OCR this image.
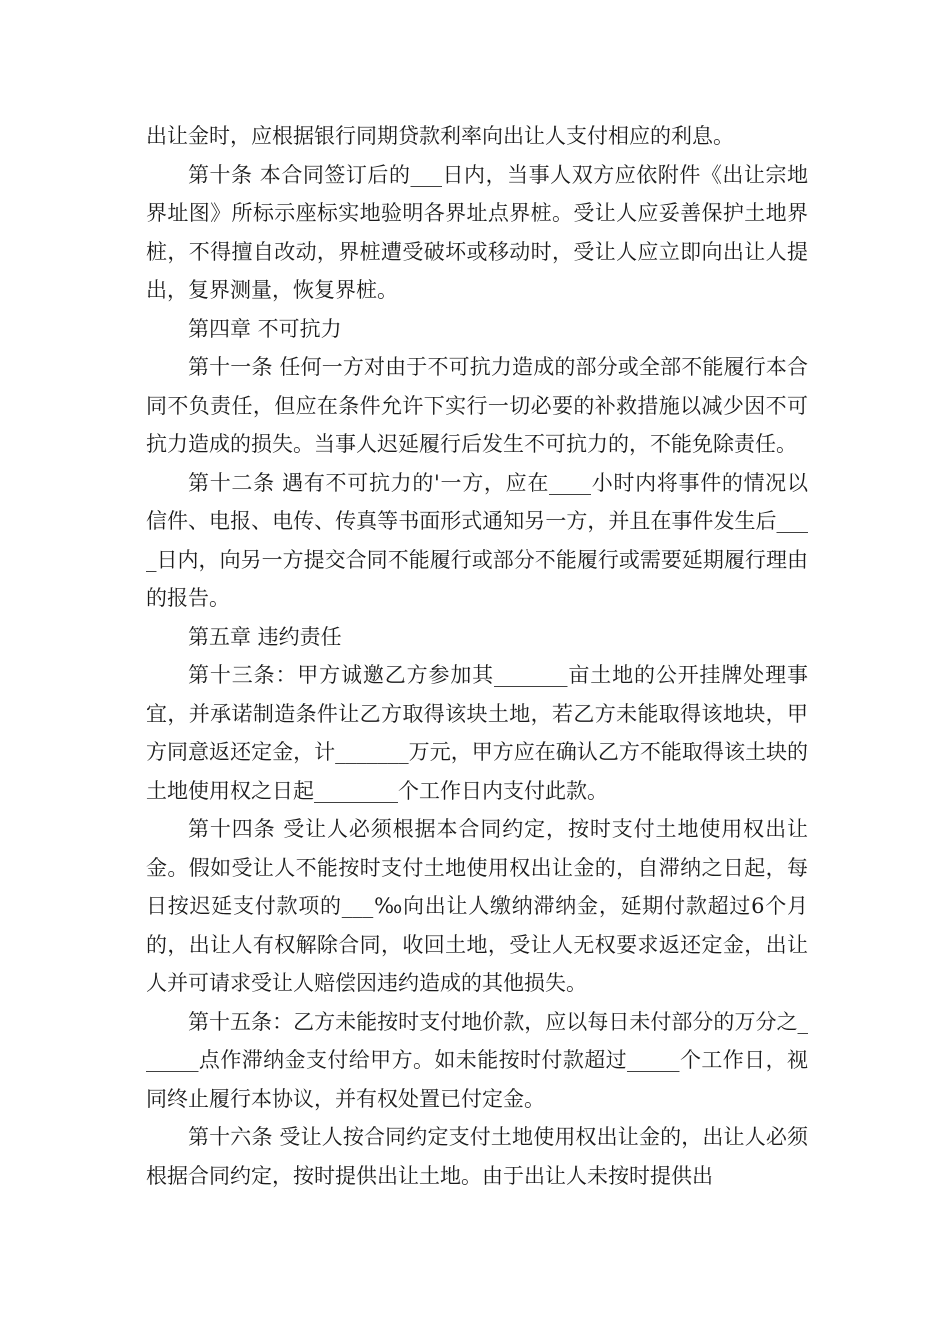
出让金时，应根据银行同期贷款利率向出让人支付相应的利息。

第十条 本合同签订后的___日内，当事人双方应依附件《出让宗地界址图》所标示座标实地验明各界址点界桩。受让人应妥善保护土地界桩，不得擅自改动，界桩遭受破坏或移动时，受让人应立即向出让人提出，复界测量，恢复界桩。

第四章 不可抗力

第十一条 任何一方对由于不可抗力造成的部分或全部不能履行本合同不负责任，但应在条件允许下实行一切必要的补救措施以减少因不可抗力造成的损失。当事人迟延履行后发生不可抗力的，不能免除责任。

第十二条 遇有不可抗力的'一方，应在____小时内将事件的情况以信件、电报、电传、传真等书面形式通知另一方，并且在事件发生后____日内，向另一方提交合同不能履行或部分不能履行或需要延期履行理由的报告。

第五章 违约责任

第十三条：甲方诚邀乙方参加其_______亩土地的公开挂牌处理事宜，并承诺制造条件让乙方取得该块土地，若乙方未能取得该地块，甲方同意返还定金，计_______万元，甲方应在确认乙方不能取得该土块的土地使用权之日起________个工作日内支付此款。

第十四条 受让人必须根据本合同约定，按时支付土地使用权出让金。假如受让人不能按时支付土地使用权出让金的，自滞纳之日起，每日按迟延支付款项的___‰向出让人缴纳滞纳金，延期付款超过6个月的，出让人有权解除合同，收回土地，受让人无权要求返还定金，出让人并可请求受让人赔偿因违约造成的其他损失。

第十五条：乙方未能按时支付地价款，应以每日未付部分的万分之______点作滞纳金支付给甲方。如未能按时付款超过_____个工作日，视同终止履行本协议，并有权处置已付定金。

第十六条 受让人按合同约定支付土地使用权出让金的，出让人必须根据合同约定，按时提供出让土地。由于出让人未按时提供出
